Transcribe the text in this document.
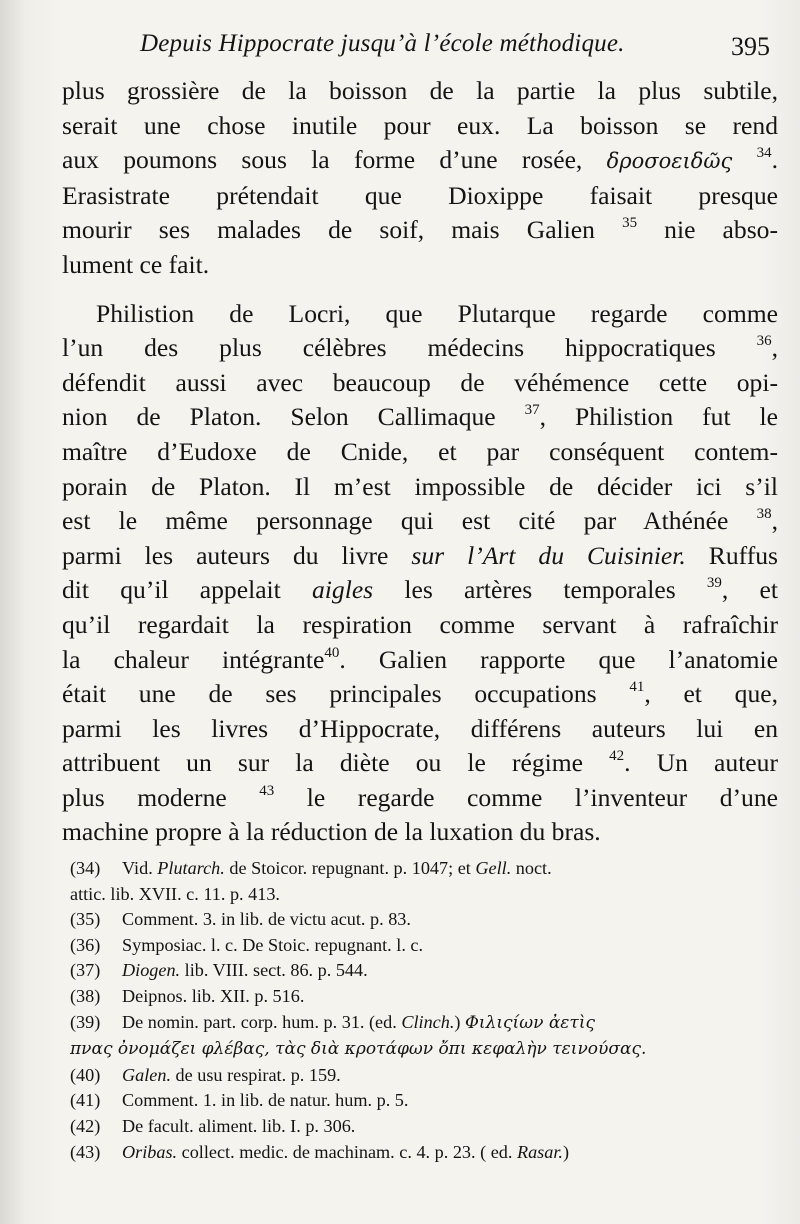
Depuis Hippocrate jusqu’à l’école méthodique.	395
plus grossière de la boisson de la partie la plus subtile,
serait une chose inutile pour eux. La boisson se rend
aux poumons sous la forme d’une rosée, δροσοειδῶς $^{34}$.
Erasistrate prétendait que Dioxippe faisait presque
mourir ses malades de soif, mais Galien $^{35}$ nie abso-
lument ce fait.
Philistion de Locri, que Plutarque regarde comme
l’un des plus célèbres médecins hippocratiques	$^{36}$,
défendit aussi avec beaucoup de véhémence cette opi-
nion de Platon. Selon Callimaque $^{37}$, Philistion fut le
maître d’Eudoxe de Cnide, et par conséquent contem-
porain de Platon. Il m’est impossible de décider ici s’il
est le même personnage qui est cité par Athénée $^{38}$,
parmi les auteurs du livre sur l’Art du Cuisinier. Ruffus
dit qu’il appelait aigles les artères temporales $^{39}$, et
qu’il regardait la respiration comme servant à rafraîchir
la chaleur intégrante$^{40}$. Galien rapporte que l’anatomie
était une de ses principales occupations $^{41}$, et que,
parmi les livres d’Hippocrate, différens auteurs lui en
attribuent un sur la diète ou le régime $^{42}$. Un auteur
plus moderne $^{43}$ le regarde comme l’inventeur d’une
machine propre à la réduction de la luxation du bras.
(34) Vid. Plutarch. de Stoicor. repugnant. p. 1047; et Gell. noct.
attic. lib. XVII. c. 11. p. 413.
(35) Comment. 3. in lib. de victu acut. p. 83.
(36) Symposiac. l. c. De Stoic. repugnant. l. c.
(37) Diogen. lib. VIII. sect. 86. p. 544.
(38) Deipnos. lib. XII. p. 516.
(39) De nomin. part. corp. hum. p. 31. (ed. Clinch.) Φιλιςίων ἀετὶς
πνας ὀνομάζει φλέβας, τὰς διὰ κροτάφων ὄπι κεφαλὴν τεινούσας.
(40) Galen. de usu respirat. p. 159.
(41) Comment. 1. in lib. de natur. hum. p. 5.
(42) De facult. aliment. lib. I. p. 306.
(43) Oribas. collect. medic. de machinam. c. 4. p. 23. ( ed. Rasar.)
